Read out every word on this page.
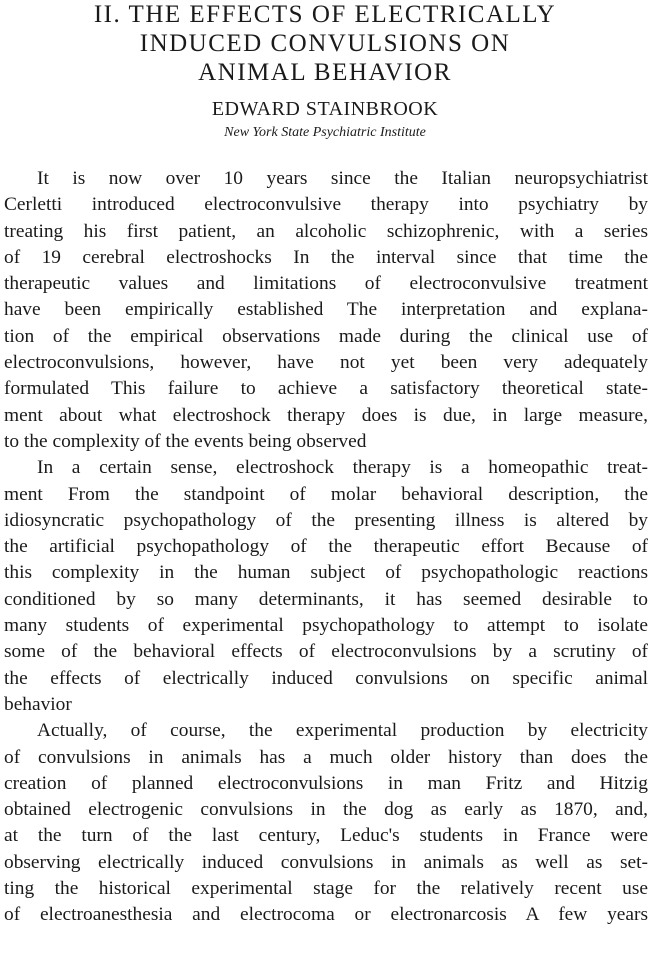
II. THE EFFECTS OF ELECTRICALLY
INDUCED CONVULSIONS ON
ANIMAL BEHAVIOR
EDWARD STAINBROOK
New York State Psychiatric Institute
It is now over 10 years since the Italian neuropsychiatrist
Cerletti introduced electroconvulsive therapy into psychiatry by
treating his first patient, an alcoholic schizophrenic, with a series
of 19 cerebral electroshocks In the interval since that time the
therapeutic values and limitations of electroconvulsive treatment
have been empirically established The interpretation and explana-
tion of the empirical observations made during the clinical use of
electroconvulsions, however, have not yet been very adequately
formulated This failure to achieve a satisfactory theoretical state-
ment about what electroshock therapy does is due, in large measure,
to the complexity of the events being observed
In a certain sense, electroshock therapy is a homeopathic treat-
ment From the standpoint of molar behavioral description, the
idiosyncratic psychopathology of the presenting illness is altered by
the artificial psychopathology of the therapeutic effort Because of
this complexity in the human subject of psychopathologic reactions
conditioned by so many determinants, it has seemed desirable to
many students of experimental psychopathology to attempt to isolate
some of the behavioral effects of electroconvulsions by a scrutiny of
the effects of electrically induced convulsions on specific animal
behavior
Actually, of course, the experimental production by electricity
of convulsions in animals has a much older history than does the
creation of planned electroconvulsions in man Fritz and Hitzig
obtained electrogenic convulsions in the dog as early as 1870, and,
at the turn of the last century, Leduc's students in France were
observing electrically induced convulsions in animals as well as set-
ting the historical experimental stage for the relatively recent use
of electroanesthesia and electrocoma or electronarcosis A few years
